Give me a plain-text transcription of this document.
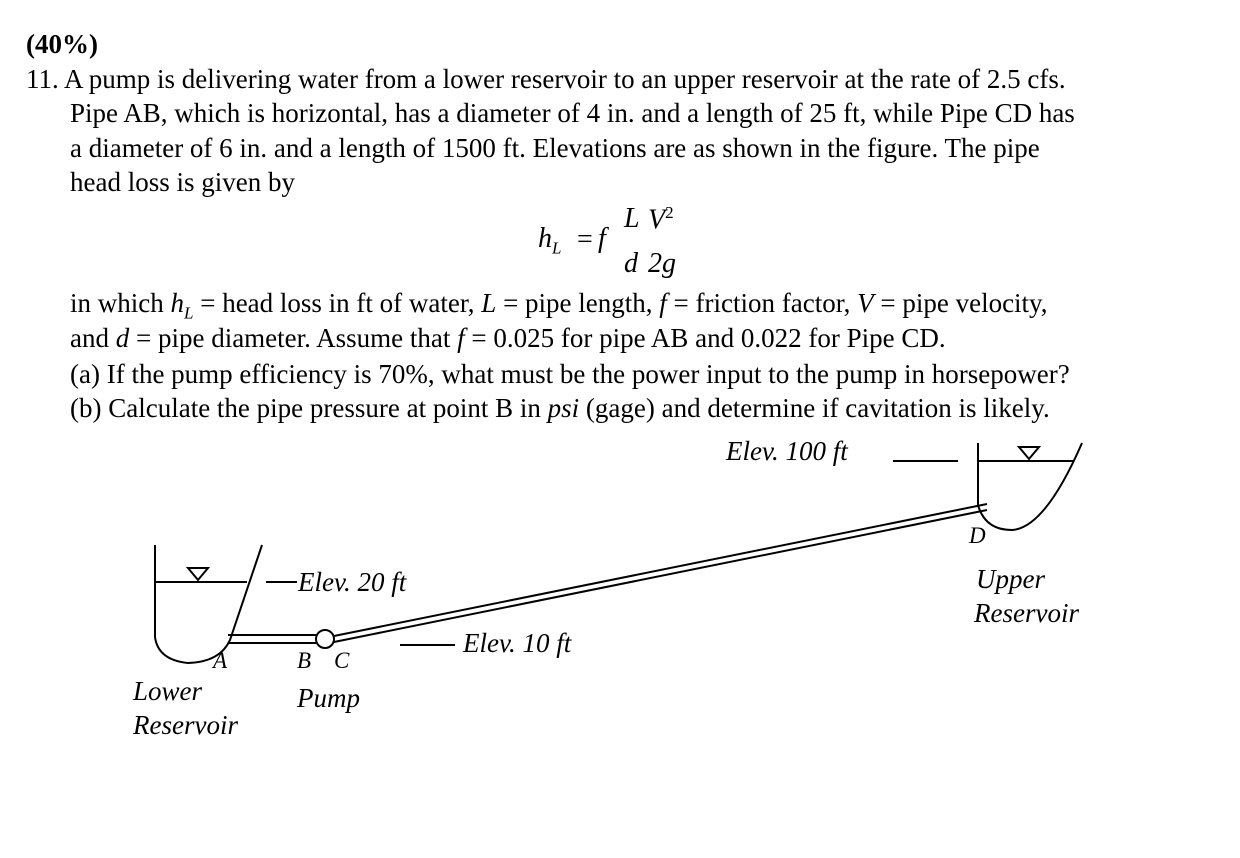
(40%)
11. A pump is delivering water from a lower reservoir to an upper reservoir at the rate of 2.5 cfs.
Pipe AB, which is horizontal, has a diameter of 4 in. and a length of 25 ft, while Pipe CD has
a diameter of 6 in. and a length of 1500 ft. Elevations are as shown in the figure. The pipe
head loss is given by
$h_L = f$
L
d
$V^2$
2g
in which $h_L$ = head loss in ft of water, L = pipe length, f = friction factor, V = pipe velocity,
and d = pipe diameter. Assume that f = 0.025 for pipe AB and 0.022 for Pipe CD.
(a) If the pump efficiency is 70%, what must be the power input to the pump in horsepower?
(b) Calculate the pipe pressure at point B in psi (gage) and determine if cavitation is likely.
Elev. 100 ft
Elev. 20 ft
Elev. 10 ft
A	B C
D
Pump
Lower
Reservoir
Upper
Reservoir
